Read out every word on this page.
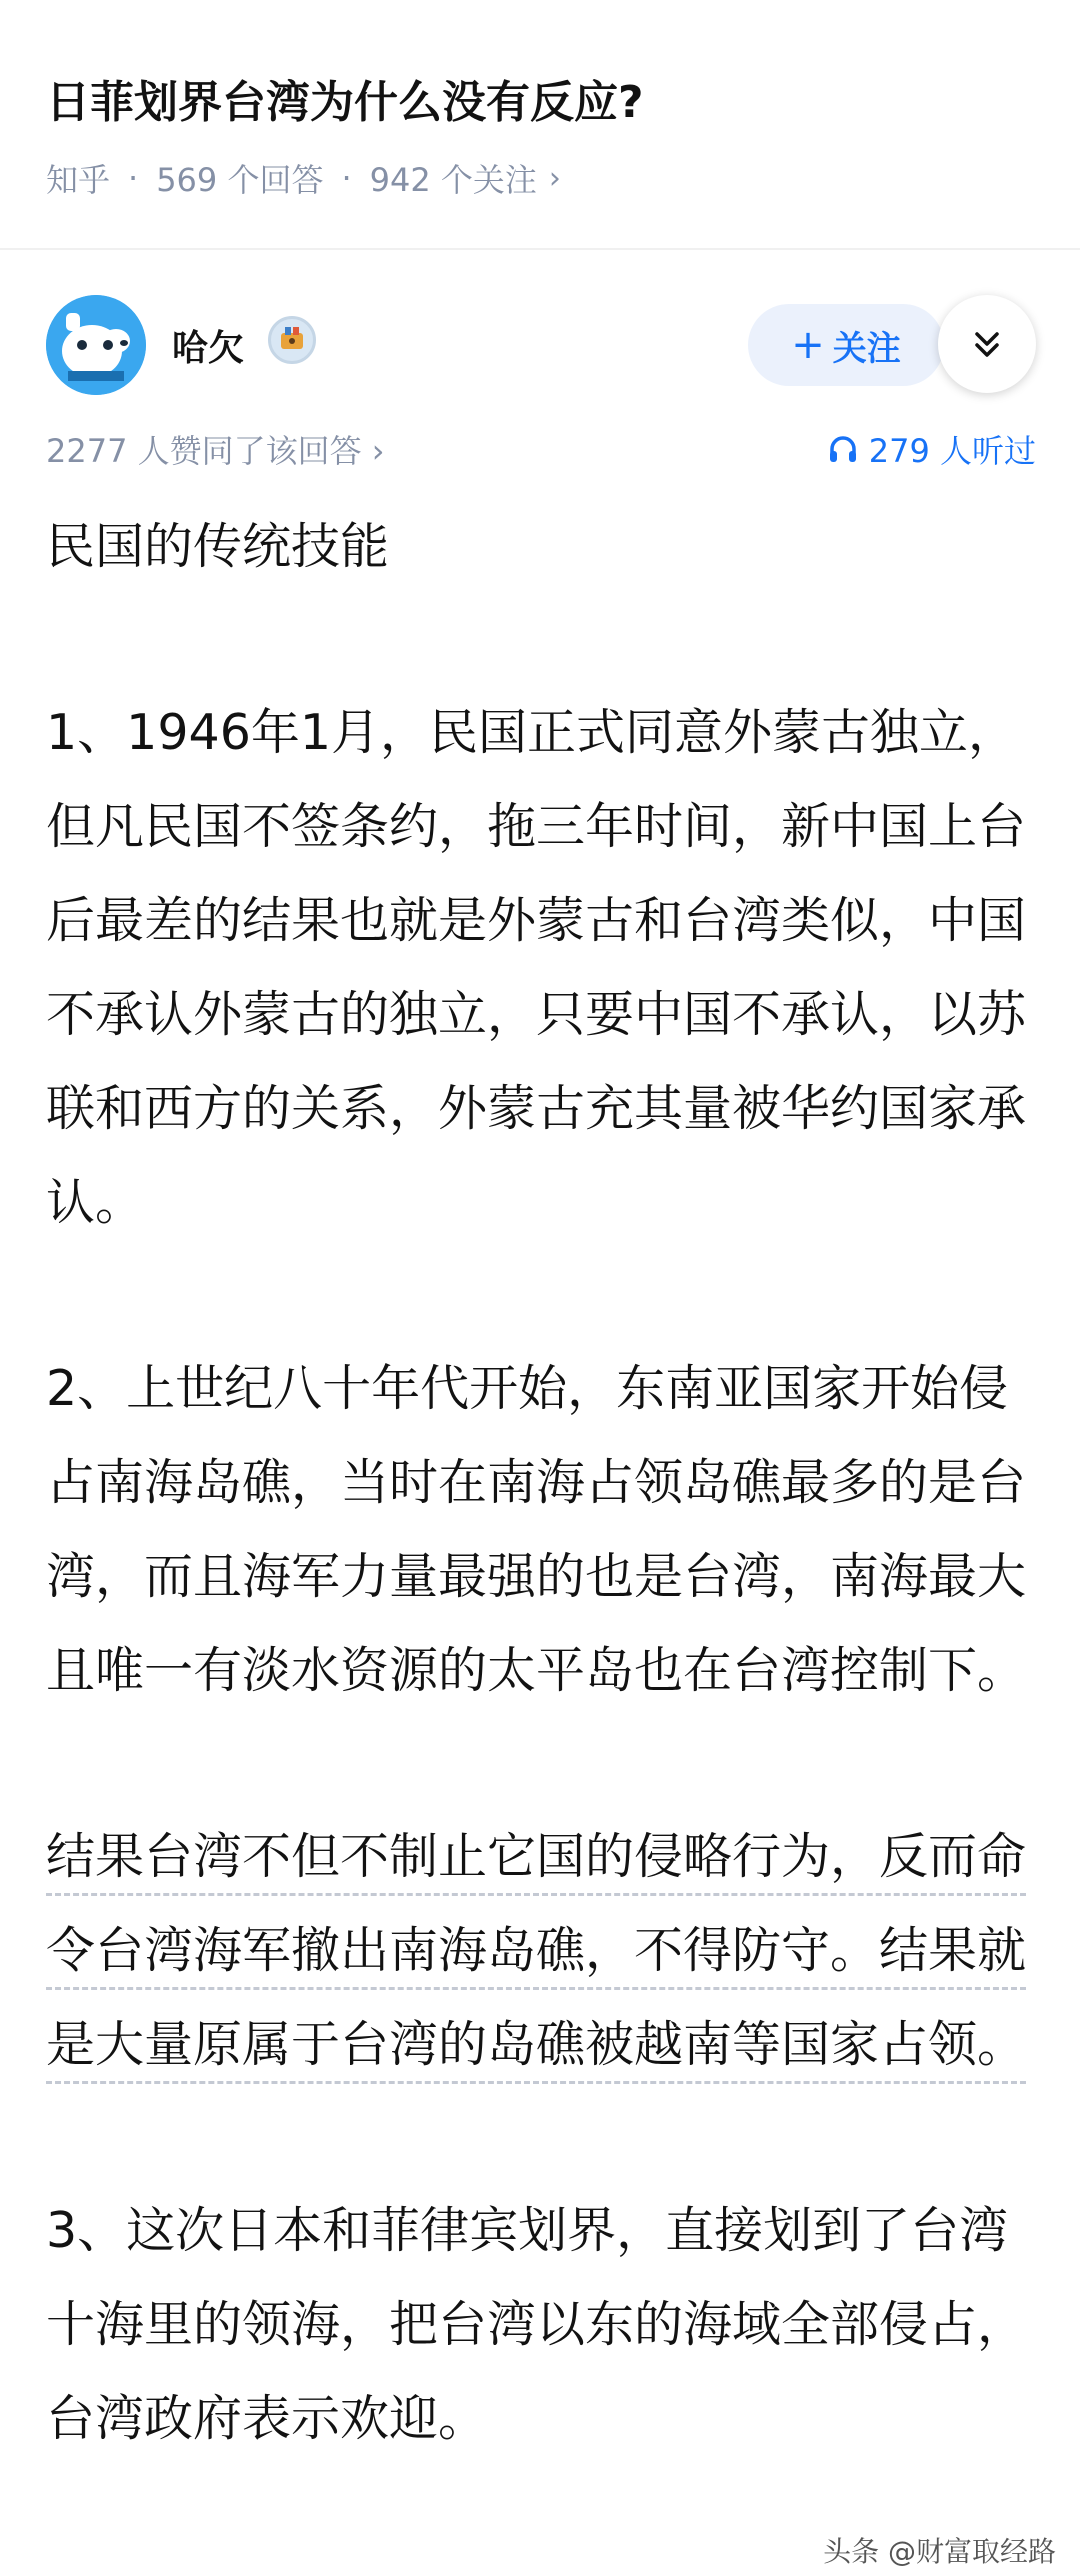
日菲划界台湾为什么没有反应?
知乎 · 569 个回答 · 942 个关注 ›
哈欠	+ 关注
2277 人赞同了该回答 ›	279 人听过

民国的传统技能

1、1946年1月，民国正式同意外蒙古独立，但凡民国不签条约，拖三年时间，新中国上台后最差的结果也就是外蒙古和台湾类似，中国不承认外蒙古的独立，只要中国不承认，以苏联和西方的关系，外蒙古充其量被华约国家承认。

2、上世纪八十年代开始，东南亚国家开始侵占南海岛礁，当时在南海占领岛礁最多的是台湾，而且海军力量最强的也是台湾，南海最大且唯一有淡水资源的太平岛也在台湾控制下。

结果台湾不但不制止它国的侵略行为，反而命令台湾海军撤出南海岛礁，不得防守。结果就是大量原属于台湾的岛礁被越南等国家占领。

3、这次日本和菲律宾划界，直接划到了台湾十海里的领海，把台湾以东的海域全部侵占，台湾政府表示欢迎。

头条 @财富取经路
